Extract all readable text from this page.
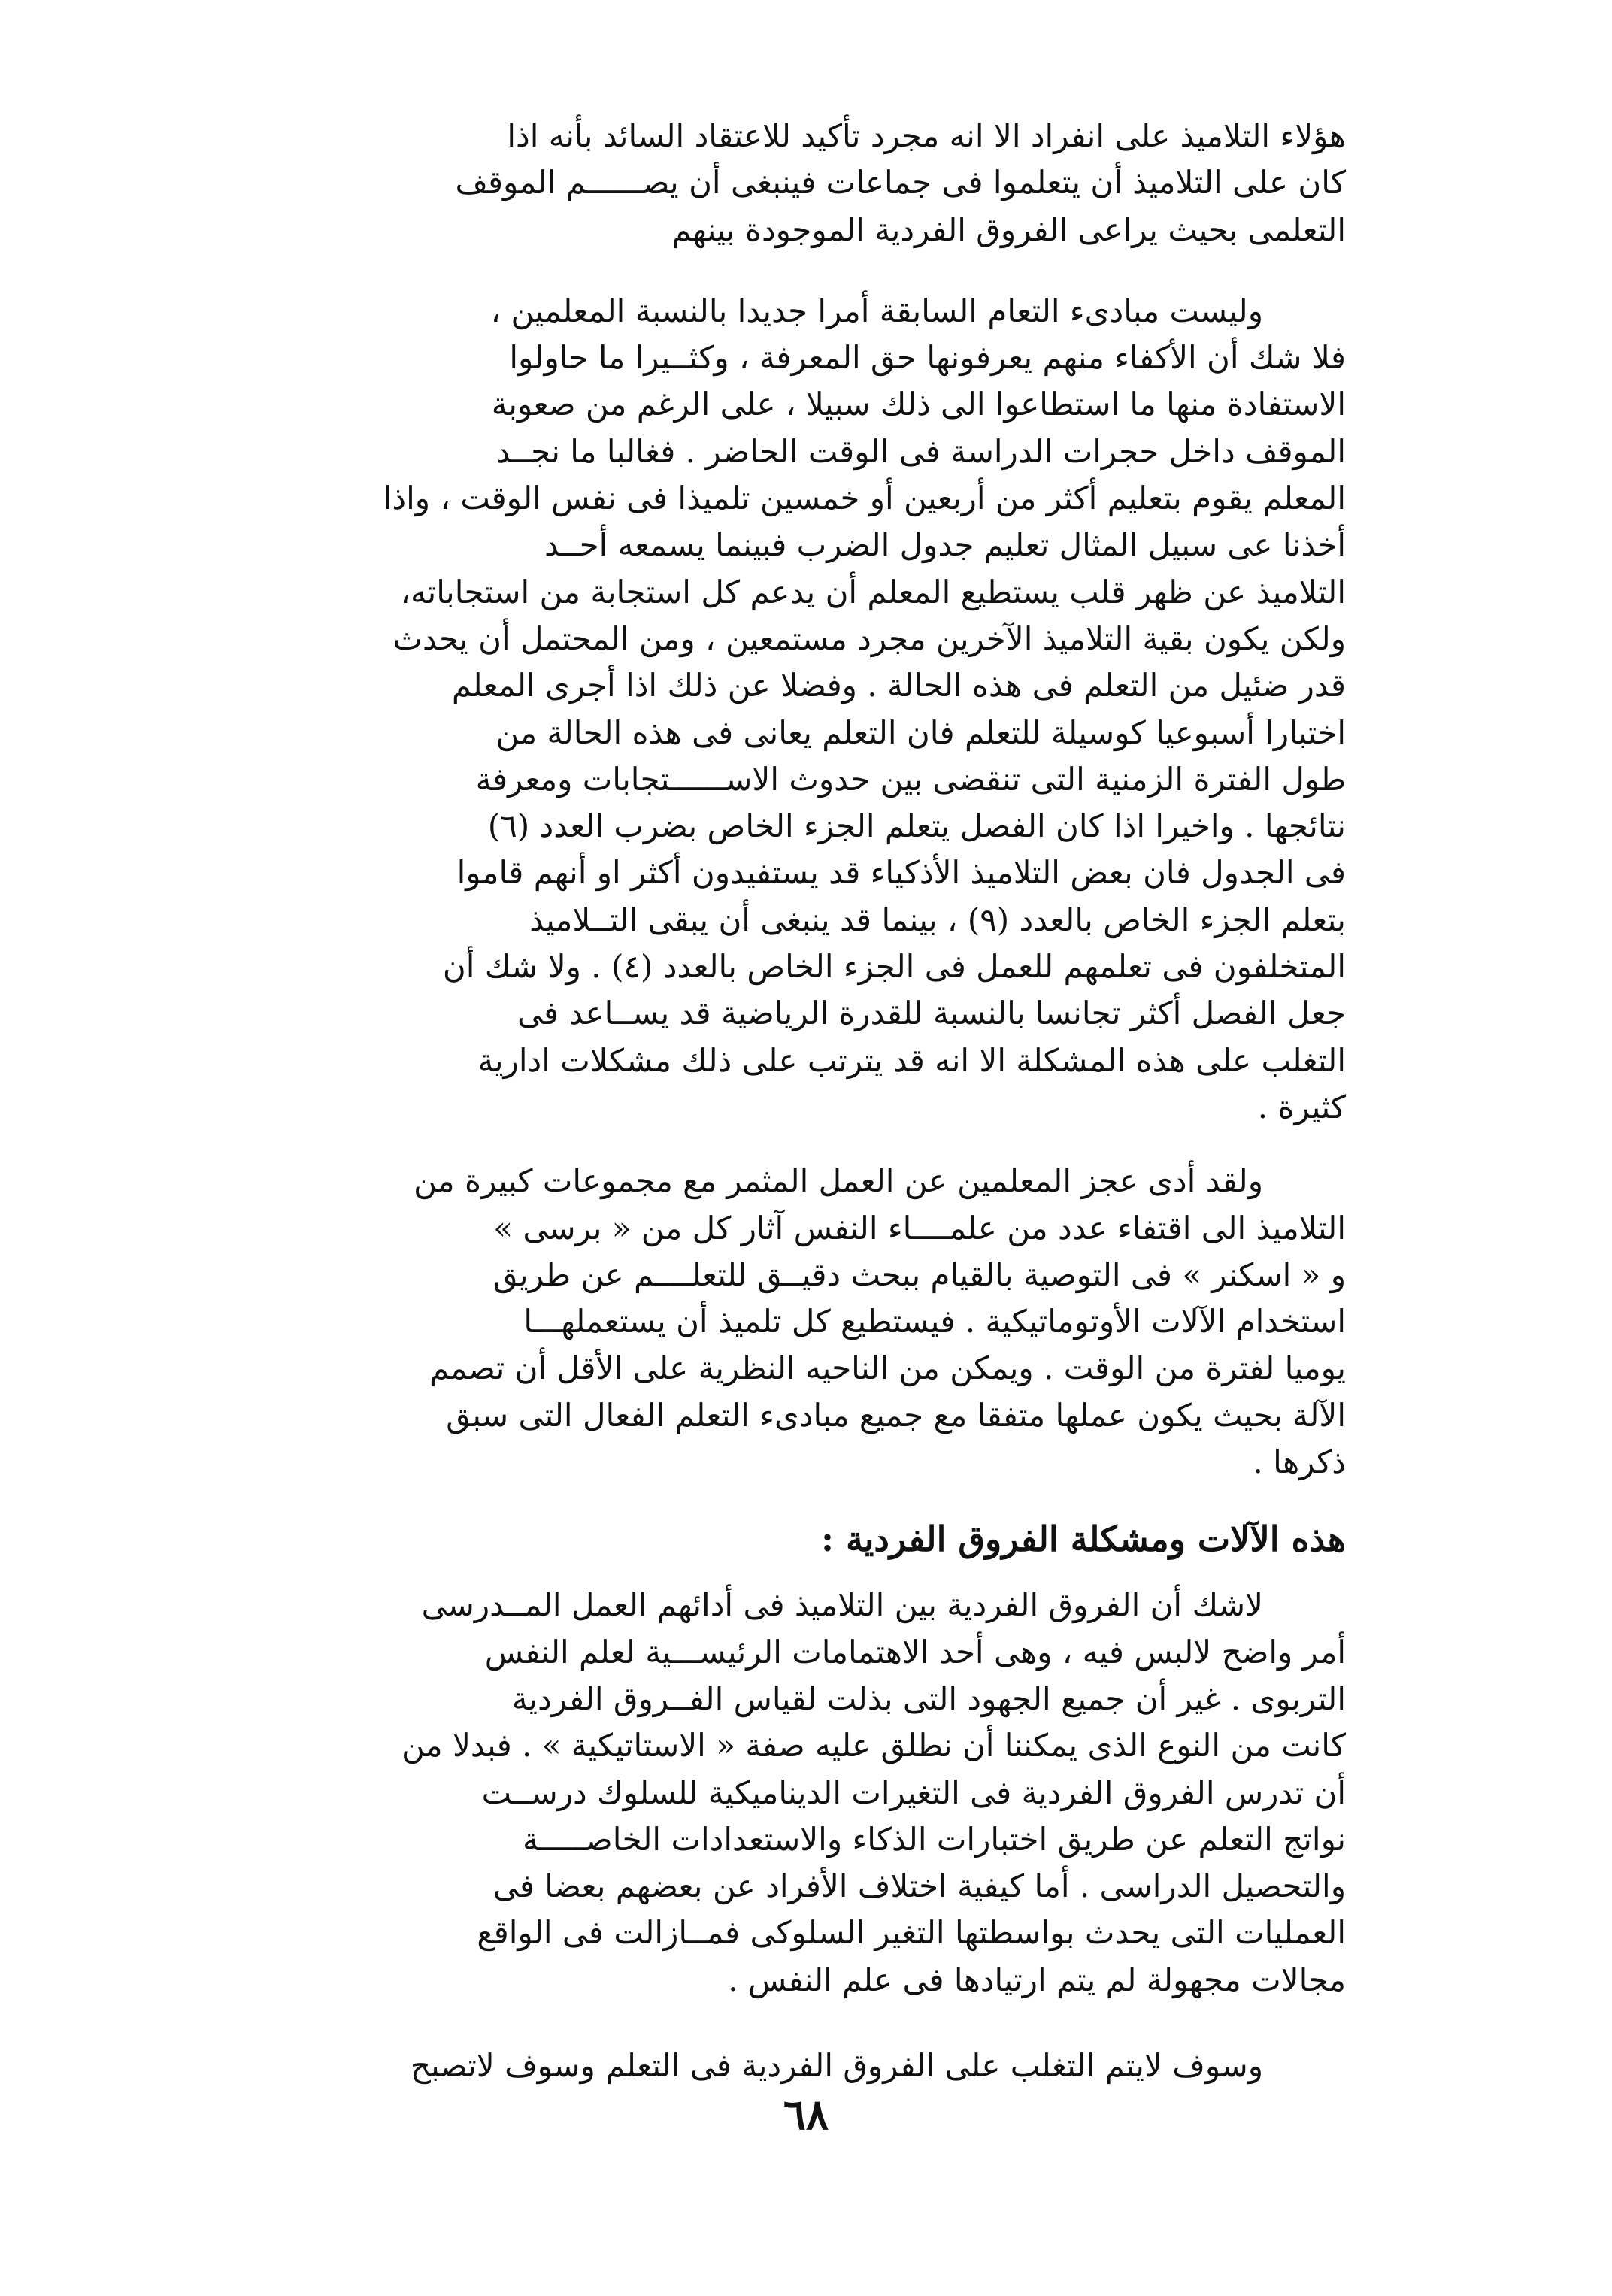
هؤلاء التلاميذ على انفراد الا انه مجرد تأكيد للاعتقاد السائد بأنه اذا
كان على التلاميذ أن يتعلموا فى جماعات فينبغى أن يصــــــم الموقف
التعلمى بحيث يراعى الفروق الفردية الموجودة بينهم
وليست مبادىء التعام السابقة أمرا جديدا بالنسبة المعلمين ،
فلا شك أن الأكفاء منهم يعرفونها حق المعرفة ، وكثــيرا ما حاولوا
الاستفادة منها ما استطاعوا الى ذلك سبيلا ، على الرغم من صعوبة
الموقف داخل حجرات الدراسة فى الوقت الحاضر . فغالبا ما نجــد
المعلم يقوم بتعليم أكثر من أربعين أو خمسين تلميذا فى نفس الوقت ، واذا
أخذنا عى سبيل المثال تعليم جدول الضرب فبينما يسمعه أحــد
التلاميذ عن ظهر قلب يستطيع المعلم أن يدعم كل استجابة من استجاباته،
ولكن يكون بقية التلاميذ الآخرين مجرد مستمعين ، ومن المحتمل أن يحدث
قدر ضئيل من التعلم فى هذه الحالة . وفضلا عن ذلك اذا أجرى المعلم
اختبارا أسبوعيا كوسيلة للتعلم فان التعلم يعانى فى هذه الحالة من
طول الفترة الزمنية التى تنقضى بين حدوث الاســــــتجابات ومعرفة
نتائجها . واخيرا اذا كان الفصل يتعلم الجزء الخاص بضرب العدد (٦)
فى الجدول فان بعض التلاميذ الأذكياء قد يستفيدون أكثر او أنهم قاموا
بتعلم الجزء الخاص بالعدد (٩) ، بينما قد ينبغى أن يبقى التــلاميذ
المتخلفون فى تعلمهم للعمل فى الجزء الخاص بالعدد (٤) . ولا شك أن
جعل الفصل أكثر تجانسا بالنسبة للقدرة الرياضية قد يســاعد فى
التغلب على هذه المشكلة الا انه قد يترتب على ذلك مشكلات ادارية
كثيرة .
ولقد أدى عجز المعلمين عن العمل المثمر مع مجموعات كبيرة من
التلاميذ الى اقتفاء عدد من علمــــاء النفس آثار كل من « برسى »
و « اسكنر » فى التوصية بالقيام ببحث دقيــق للتعلــــم عن طريق
استخدام الآلات الأوتوماتيكية . فيستطيع كل تلميذ أن يستعملهـــا
يوميا لفترة من الوقت . ويمكن من الناحيه النظرية على الأقل أن تصمم
الآلة بحيث يكون عملها متفقا مع جميع مبادىء التعلم الفعال التى سبق
ذكرها .
هذه الآلات ومشكلة الفروق الفردية :
لاشك أن الفروق الفردية بين التلاميذ فى أدائهم العمل المــدرسى
أمر واضح لالبس فيه ، وهى أحد الاهتمامات الرئيســـية لعلم النفس
التربوى . غير أن جميع الجهود التى بذلت لقياس الفــروق الفردية
كانت من النوع الذى يمكننا أن نطلق عليه صفة « الاستاتيكية » . فبدلا من
أن تدرس الفروق الفردية فى التغيرات الديناميكية للسلوك درســت
نواتج التعلم عن طريق اختبارات الذكاء والاستعدادات الخاصـــــة
والتحصيل الدراسى . أما كيفية اختلاف الأفراد عن بعضهم بعضا فى
العمليات التى يحدث بواسطتها التغير السلوكى فمــازالت فى الواقع
مجالات مجهولة لم يتم ارتيادها فى علم النفس .
وسوف لايتم التغلب على الفروق الفردية فى التعلم وسوف لاتصبح
٦٨
